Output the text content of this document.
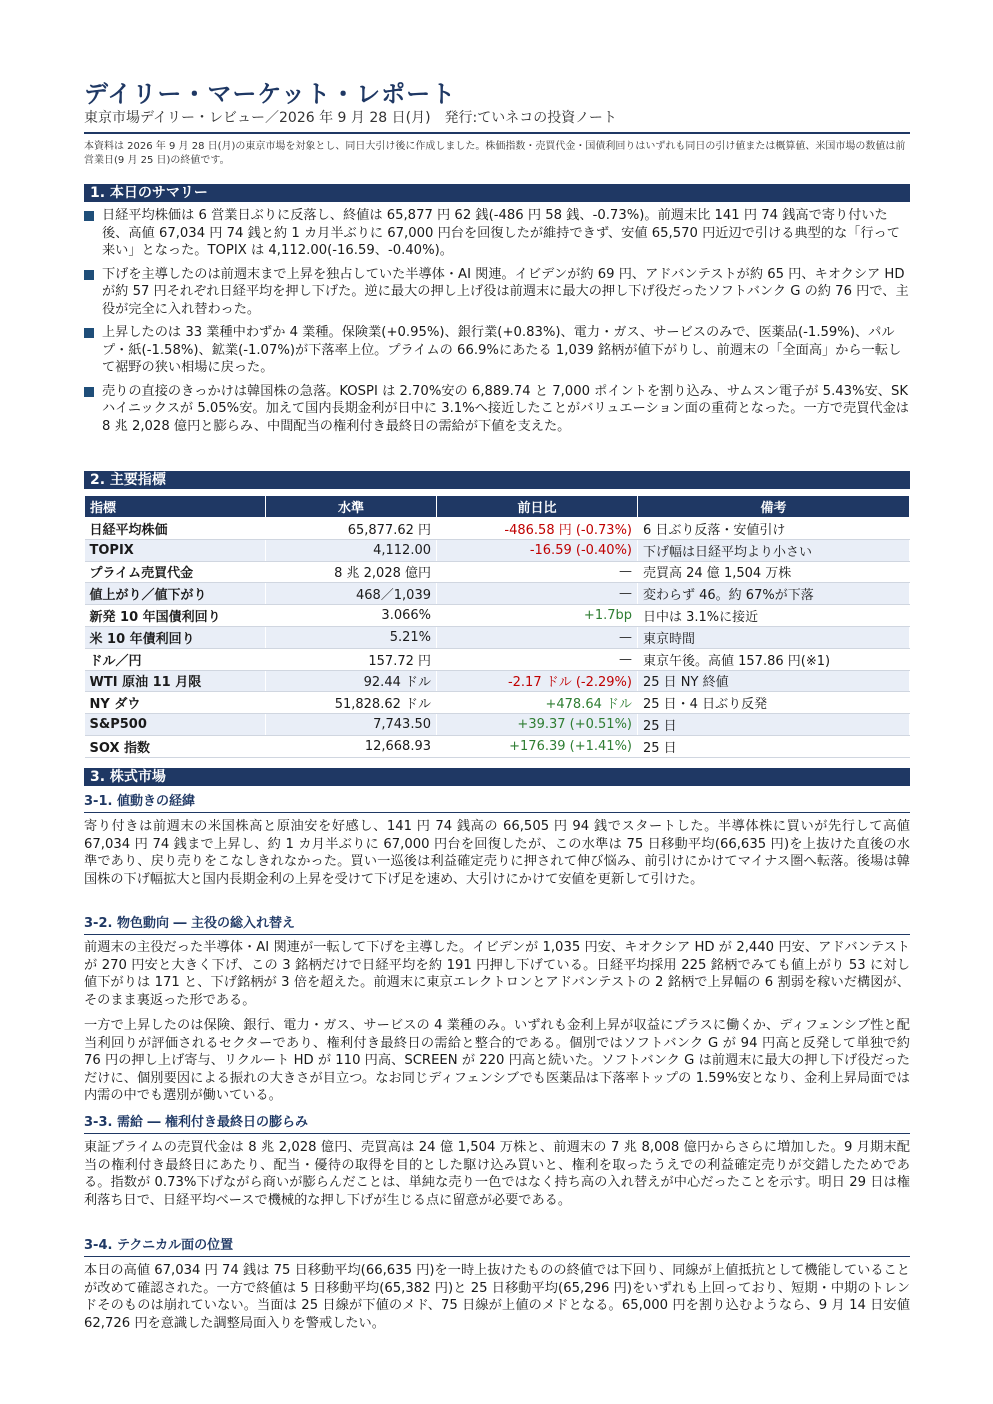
デイリー・マーケット・レポート
東京市場デイリー・レビュー／2026 年 9 月 28 日(月)　発行:ていネコの投資ノート
本資料は 2026 年 9 月 28 日(月)の東京市場を対象とし、同日大引け後に作成しました。株価指数・売買代金・国債利回りはいずれも同日の引け値または概算値、米国市場の数値は前営業日(9 月 25 日)の終値です。
1. 本日のサマリー
日経平均株価は 6 営業日ぶりに反落し、終値は 65,877 円 62 銭(-486 円 58 銭、-0.73%)。前週末比 141 円 74 銭高で寄り付いた後、高値 67,034 円 74 銭と約 1 カ月半ぶりに 67,000 円台を回復したが維持できず、安値 65,570 円近辺で引ける典型的な「行って来い」となった。TOPIX は 4,112.00(-16.59、-0.40%)。
下げを主導したのは前週末まで上昇を独占していた半導体・AI 関連。イビデンが約 69 円、アドバンテストが約 65 円、キオクシア HD が約 57 円それぞれ日経平均を押し下げた。逆に最大の押し上げ役は前週末に最大の押し下げ役だったソフトバンク G の約 76 円で、主役が完全に入れ替わった。
上昇したのは 33 業種中わずか 4 業種。保険業(+0.95%)、銀行業(+0.83%)、電力・ガス、サービスのみで、医薬品(-1.59%)、パルプ・紙(-1.58%)、鉱業(-1.07%)が下落率上位。プライムの 66.9%にあたる 1,039 銘柄が値下がりし、前週末の「全面高」から一転して裾野の狭い相場に戻った。
売りの直接のきっかけは韓国株の急落。KOSPI は 2.70%安の 6,889.74 と 7,000 ポイントを割り込み、サムスン電子が 5.43%安、SK ハイニックスが 5.05%安。加えて国内長期金利が日中に 3.1%へ接近したことがバリュエーション面の重荷となった。一方で売買代金は 8 兆 2,028 億円と膨らみ、中間配当の権利付き最終日の需給が下値を支えた。
2. 主要指標
指標	水準	前日比	備考
日経平均株価	65,877.62 円	-486.58 円 (-0.73%)	6 日ぶり反落・安値引け
TOPIX	4,112.00	-16.59 (-0.40%)	下げ幅は日経平均より小さい
プライム売買代金	8 兆 2,028 億円	—	売買高 24 億 1,504 万株
値上がり／値下がり	468／1,039	—	変わらず 46。約 67%が下落
新発 10 年国債利回り	3.066%	+1.7bp	日中は 3.1%に接近
米 10 年債利回り	5.21%	—	東京時間
ドル／円	157.72 円	—	東京午後。高値 157.86 円(※1)
WTI 原油 11 月限	92.44 ドル	-2.17 ドル (-2.29%)	25 日 NY 終値
NY ダウ	51,828.62 ドル	+478.64 ドル	25 日・4 日ぶり反発
S&P500	7,743.50	+39.37 (+0.51%)	25 日
SOX 指数	12,668.93	+176.39 (+1.41%)	25 日
3. 株式市場
3-1. 値動きの経緯
寄り付きは前週末の米国株高と原油安を好感し、141 円 74 銭高の 66,505 円 94 銭でスタートした。半導体株に買いが先行して高値 67,034 円 74 銭まで上昇し、約 1 カ月半ぶりに 67,000 円台を回復したが、この水準は 75 日移動平均(66,635 円)を上抜けた直後の水準であり、戻り売りをこなしきれなかった。買い一巡後は利益確定売りに押されて伸び悩み、前引けにかけてマイナス圏へ転落。後場は韓国株の下げ幅拡大と国内長期金利の上昇を受けて下げ足を速め、大引けにかけて安値を更新して引けた。
3-2. 物色動向 ― 主役の総入れ替え
前週末の主役だった半導体・AI 関連が一転して下げを主導した。イビデンが 1,035 円安、キオクシア HD が 2,440 円安、アドバンテストが 270 円安と大きく下げ、この 3 銘柄だけで日経平均を約 191 円押し下げている。日経平均採用 225 銘柄でみても値上がり 53 に対し値下がりは 171 と、下げ銘柄が 3 倍を超えた。前週末に東京エレクトロンとアドバンテストの 2 銘柄で上昇幅の 6 割弱を稼いだ構図が、そのまま裏返った形である。
一方で上昇したのは保険、銀行、電力・ガス、サービスの 4 業種のみ。いずれも金利上昇が収益にプラスに働くか、ディフェンシブ性と配当利回りが評価されるセクターであり、権利付き最終日の需給と整合的である。個別ではソフトバンク G が 94 円高と反発して単独で約 76 円の押し上げ寄与、リクルート HD が 110 円高、SCREEN が 220 円高と続いた。ソフトバンク G は前週末に最大の押し下げ役だっただけに、個別要因による振れの大きさが目立つ。なお同じディフェンシブでも医薬品は下落率トップの 1.59%安となり、金利上昇局面では内需の中でも選別が働いている。
3-3. 需給 ― 権利付き最終日の膨らみ
東証プライムの売買代金は 8 兆 2,028 億円、売買高は 24 億 1,504 万株と、前週末の 7 兆 8,008 億円からさらに増加した。9 月期末配当の権利付き最終日にあたり、配当・優待の取得を目的とした駆け込み買いと、権利を取ったうえでの利益確定売りが交錯したためである。指数が 0.73%下げながら商いが膨らんだことは、単純な売り一色ではなく持ち高の入れ替えが中心だったことを示す。明日 29 日は権利落ち日で、日経平均ベースで機械的な押し下げが生じる点に留意が必要である。
3-4. テクニカル面の位置
本日の高値 67,034 円 74 銭は 75 日移動平均(66,635 円)を一時上抜けたものの終値では下回り、同線が上値抵抗として機能していることが改めて確認された。一方で終値は 5 日移動平均(65,382 円)と 25 日移動平均(65,296 円)をいずれも上回っており、短期・中期のトレンドそのものは崩れていない。当面は 25 日線が下値のメド、75 日線が上値のメドとなる。65,000 円を割り込むようなら、9 月 14 日安値 62,726 円を意識した調整局面入りを警戒したい。
